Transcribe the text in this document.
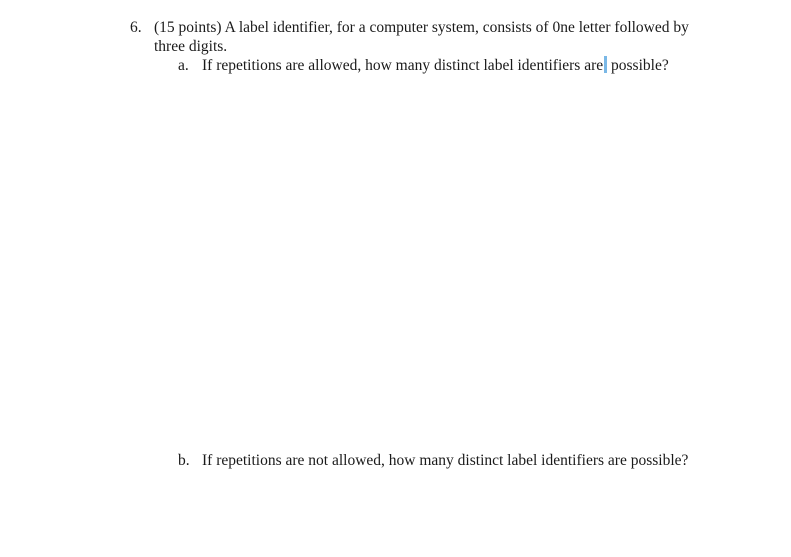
6. (15 points) A label identifier, for a computer system, consists of 0ne letter followed by three digits.
a. If repetitions are allowed, how many distinct label identifiers are possible?
b. If repetitions are not allowed, how many distinct label identifiers are possible?
